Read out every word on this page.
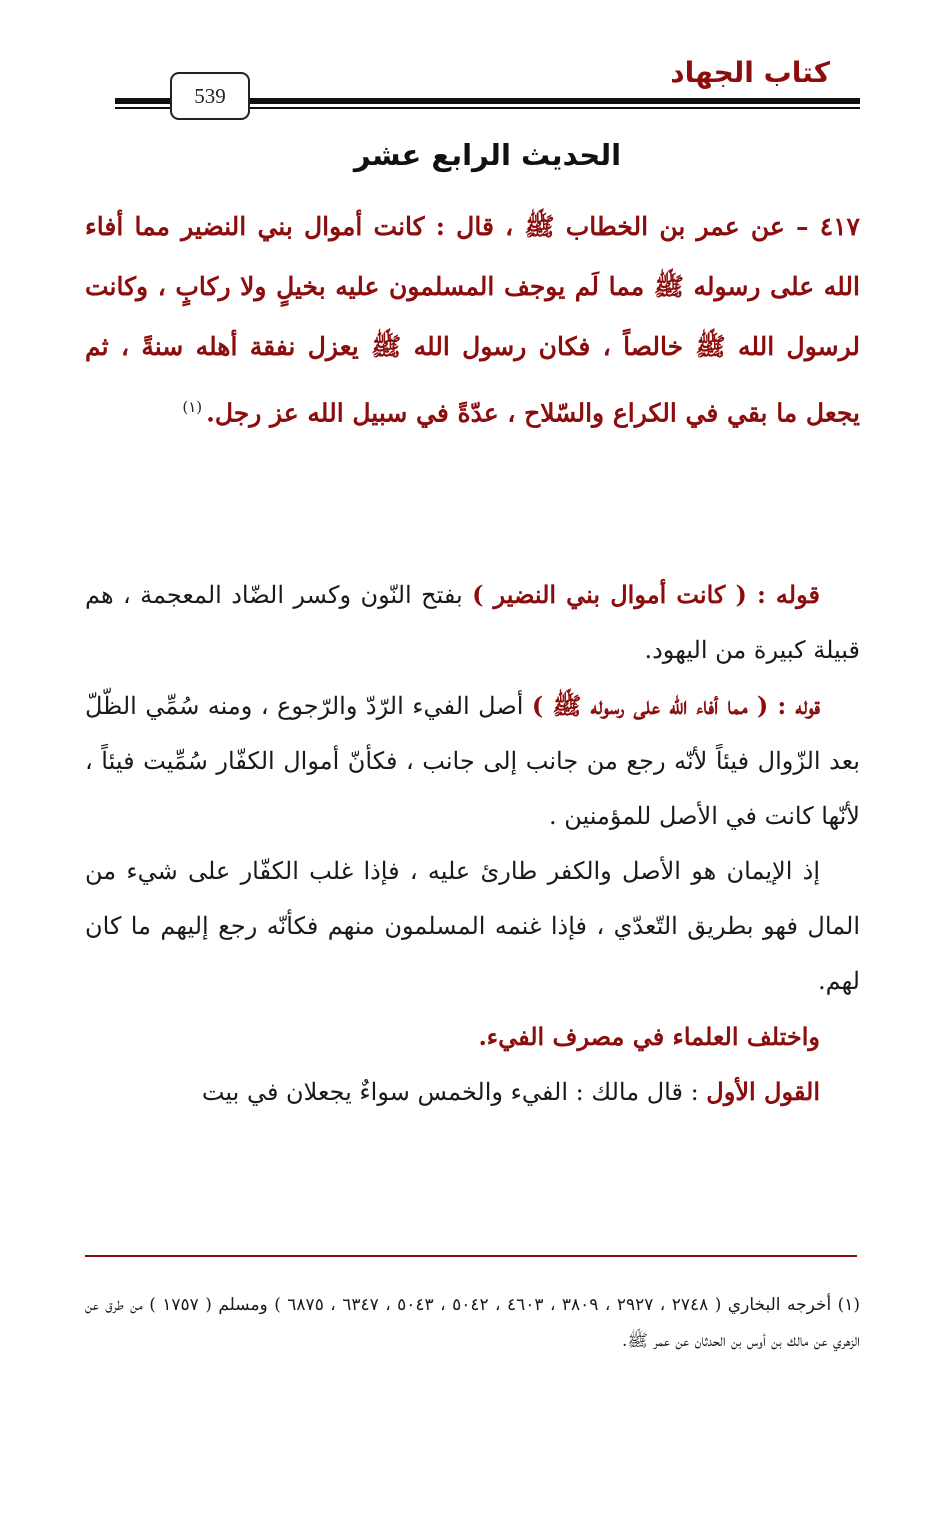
كتاب الجهاد
539
الحديث الرابع عشر

٤١٧ – عن عمر بن الخطاب ﷺ ، قال : كانت أموال بني النضير مما أفاء الله على رسوله ﷺ مما لَم يوجف المسلمون عليه بخيلٍ ولا ركابٍ ، وكانت لرسول الله ﷺ خالصاً ، فكان رسول الله ﷺ يعزل نفقة أهله سنةً ، ثم يجعل ما بقي في الكراع والسّلاح ، عدّةً في سبيل الله عز رجل.$^{(١)}$

قوله : ( كانت أموال بني النضير ) بفتح النّون وكسر الضّاد المعجمة ، هم قبيلة كبيرة من اليهود.

قوله : ( مما أفاء الله على رسوله ﷺ ) أصل الفيء الرّدّ والرّجوع ، ومنه سُمِّي الظّلّ بعد الزّوال فيئاً لأنّه رجع من جانب إلى جانب ، فكأنّ أموال الكفّار سُمِّيت فيئاً ، لأنّها كانت في الأصل للمؤمنين .

إذ الإيمان هو الأصل والكفر طارئ عليه ، فإذا غلب الكفّار على شيء من المال فهو بطريق التّعدّي ، فإذا غنمه المسلمون منهم فكأنّه رجع إليهم ما كان لهم.

واختلف العلماء في مصرف الفيء.

القول الأول : قال مالك : الفيء والخمس سواءٌ يجعلان في بيت

(١) أخرجه البخاري ( ٢٧٤٨ ، ٢٩٢٧ ، ٣٨٠٩ ، ٤٦٠٣ ، ٥٠٤٢ ، ٥٠٤٣ ، ٦٣٤٧ ، ٦٨٧٥ ) ومسلم ( ١٧٥٧ ) من طرق عن الزهري عن مالك بن أوس بن الحدثان عن عمر ﷺ.
